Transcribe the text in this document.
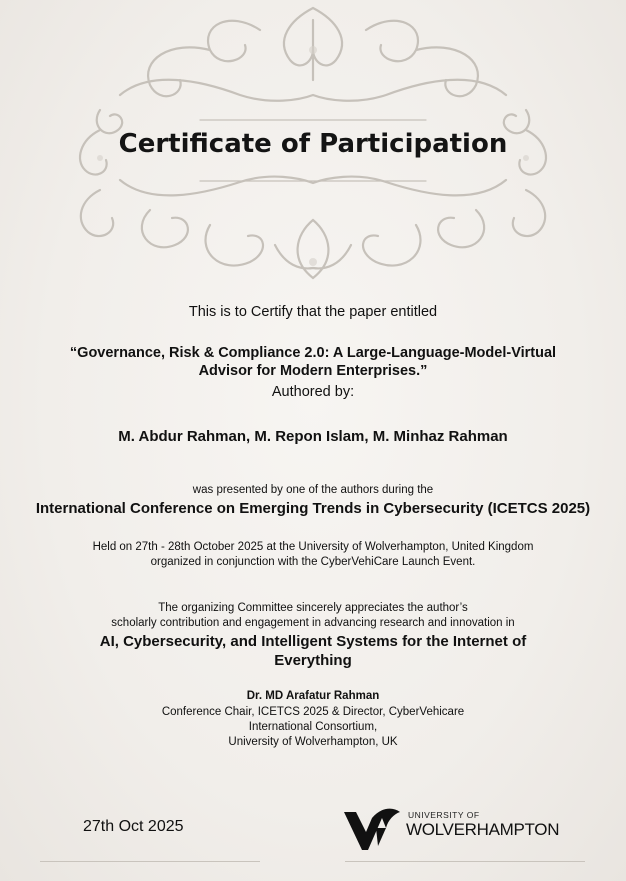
Certificate of Participation
This is to Certify that the paper entitled
“Governance, Risk & Compliance 2.0: A Large-Language-Model-Virtual
Advisor for Modern Enterprises.”
Authored by:
M. Abdur Rahman, M. Repon Islam, M. Minhaz Rahman
was presented by one of the authors during the
International Conference on Emerging Trends in Cybersecurity (ICETCS 2025)
Held on 27th - 28th October 2025 at the University of Wolverhampton, United Kingdom
organized in conjunction with the CyberVehiCare Launch Event.
The organizing Committee sincerely appreciates the author’s
scholarly contribution and engagement in advancing research and innovation in
AI, Cybersecurity, and Intelligent Systems for the Internet of
Everything
Dr. MD Arafatur Rahman
Conference Chair, ICETCS 2025 & Director, CyberVehicare
International Consortium,
University of Wolverhampton, UK
27th Oct 2025
UNIVERSITY OF
WOLVERHAMPTON
